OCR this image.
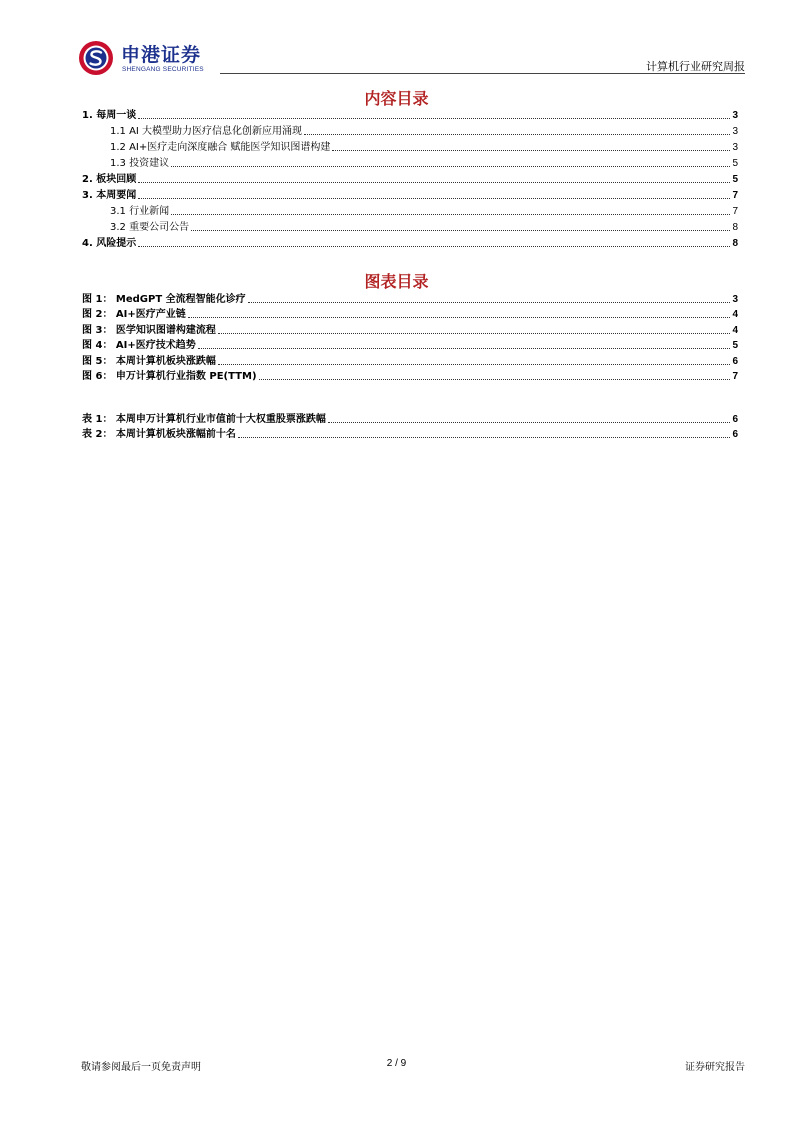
申港证券
SHENGANG SECURITIES	计算机行业研究周报
内容目录
1. 每周一谈	3
1.1 AI 大模型助力医疗信息化创新应用涌现	3
1.2 AI+医疗走向深度融合 赋能医学知识图谱构建	3
1.3 投资建议	5
2. 板块回顾	5
3. 本周要闻	7
3.1 行业新闻	7
3.2 重要公司公告	8
4. 风险提示	8
图表目录
图 1： MedGPT 全流程智能化诊疗	3
图 2： AI+医疗产业链	4
图 3： 医学知识图谱构建流程	4
图 4： AI+医疗技术趋势	5
图 5： 本周计算机板块涨跌幅	6
图 6： 申万计算机行业指数 PE(TTM)	7
表 1： 本周申万计算机行业市值前十大权重股票涨跌幅	6
表 2： 本周计算机板块涨幅前十名	6
敬请参阅最后一页免责声明	2 / 9	证券研究报告
